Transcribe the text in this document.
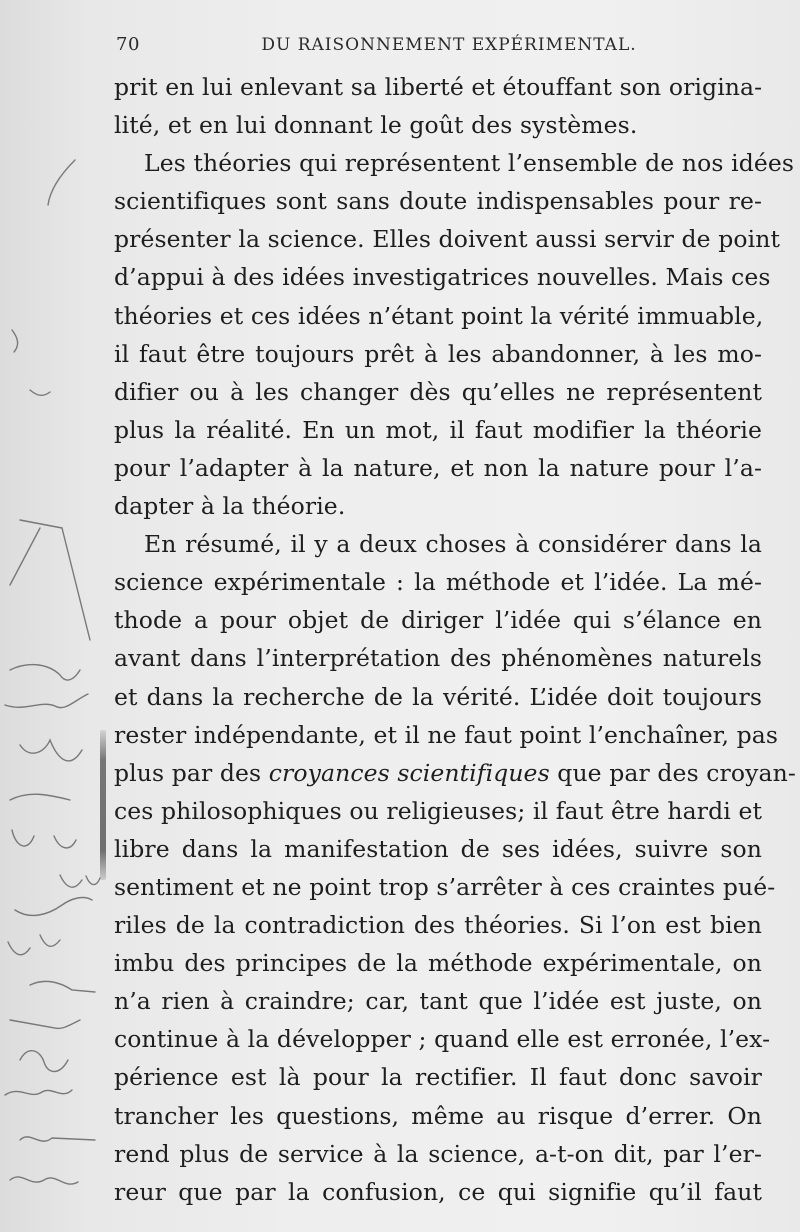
70	DU RAISONNEMENT EXPÉRIMENTAL.
prit en lui enlevant sa liberté et étouffant son origina-
lité, et en lui donnant le goût des systèmes.
Les théories qui représentent l’ensemble de nos idées
scientifiques sont sans doute indispensables pour re-
présenter la science. Elles doivent aussi servir de point
d’appui à des idées investigatrices nouvelles. Mais ces
théories et ces idées n’étant point la vérité immuable,
il faut être toujours prêt à les abandonner, à les mo-
difier ou à les changer dès qu’elles ne représentent
plus la réalité. En un mot, il faut modifier la théorie
pour l’adapter à la nature, et non la nature pour l’a-
dapter à la théorie.
En résumé, il y a deux choses à considérer dans la
science expérimentale : la méthode et l’idée. La mé-
thode a pour objet de diriger l’idée qui s’élance en
avant dans l’interprétation des phénomènes naturels
et dans la recherche de la vérité. L’idée doit toujours
rester indépendante, et il ne faut point l’enchaîner, pas
plus par des croyances scientifiques que par des croyan-
ces philosophiques ou religieuses; il faut être hardi et
libre dans la manifestation de ses idées, suivre son
sentiment et ne point trop s’arrêter à ces craintes pué-
riles de la contradiction des théories. Si l’on est bien
imbu des principes de la méthode expérimentale, on
n’a rien à craindre; car, tant que l’idée est juste, on
continue à la développer ; quand elle est erronée, l’ex-
périence est là pour la rectifier. Il faut donc savoir
trancher les questions, même au risque d’errer. On
rend plus de service à la science, a-t-on dit, par l’er-
reur que par la confusion, ce qui signifie qu’il faut
